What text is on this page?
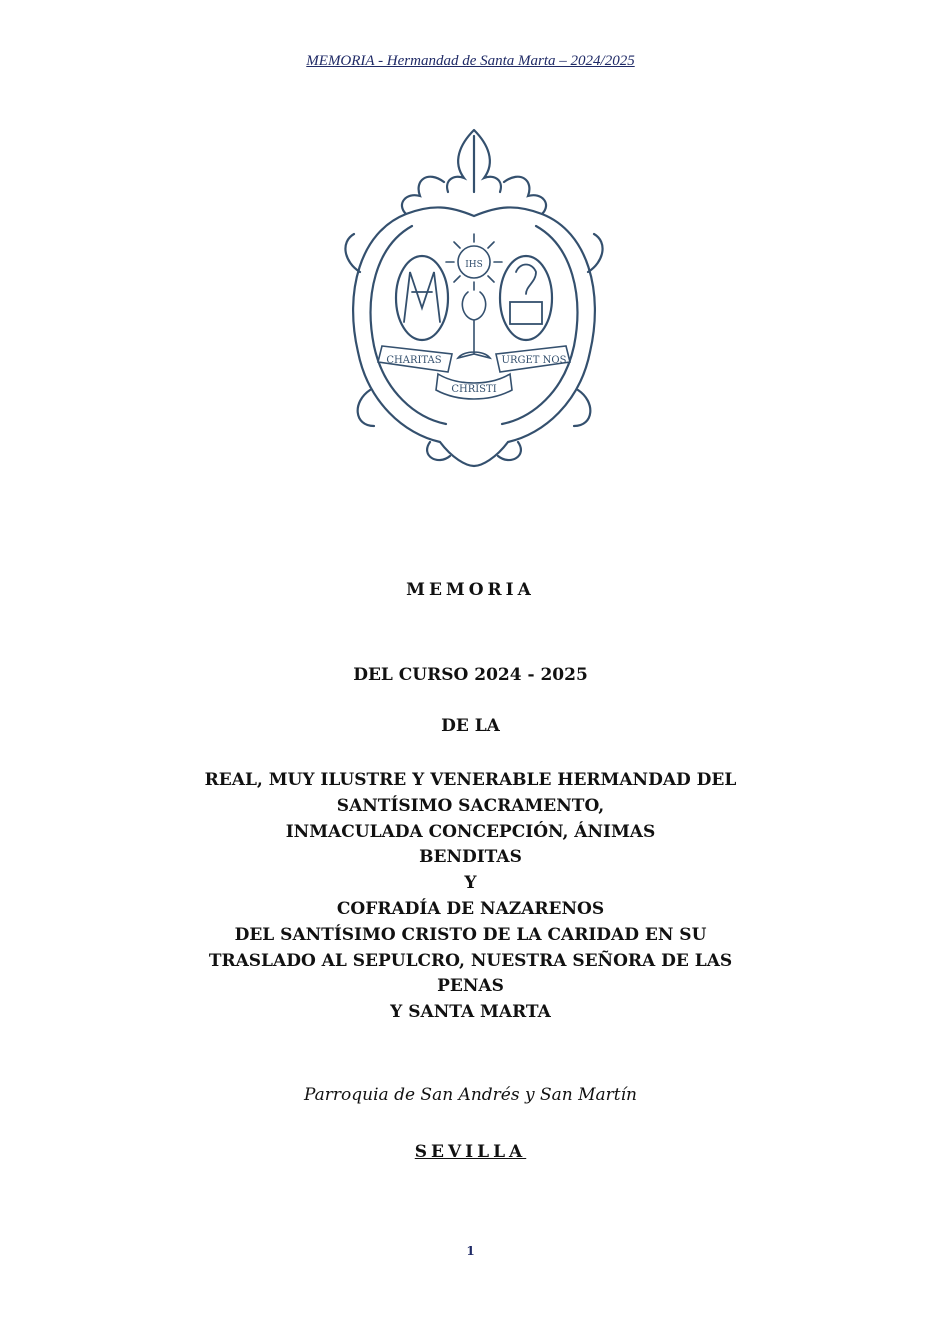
MEMORIA - Hermandad de Santa Marta – 2024/2025
IHS
CHARITAS	URGET NOS
CHRISTI
MEMORIA
DEL CURSO 2024 - 2025
DE LA
REAL, MUY ILUSTRE Y VENERABLE HERMANDAD DEL
SANTÍSIMO SACRAMENTO,
INMACULADA CONCEPCIÓN, ÁNIMAS
BENDITAS
Y
COFRADÍA DE NAZARENOS
DEL SANTÍSIMO CRISTO DE LA CARIDAD EN SU
TRASLADO AL SEPULCRO, NUESTRA SEÑORA DE LAS
PENAS
Y SANTA MARTA
Parroquia de San Andrés y San Martín
SEVILLA
1
